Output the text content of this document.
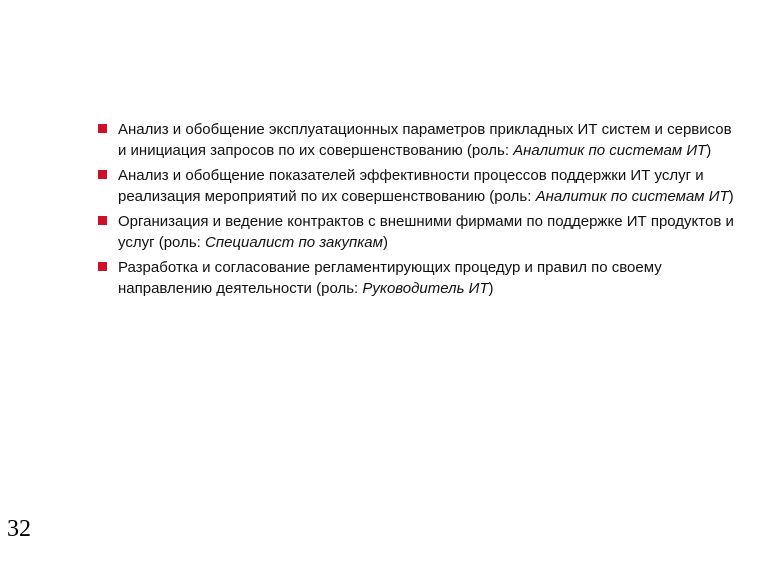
Анализ и обобщение эксплуатационных параметров прикладных ИТ систем и сервисов и инициация запросов по их совершенствованию (роль: Аналитик по системам ИТ)
Анализ и обобщение показателей эффективности процессов поддержки ИТ услуг и реализация мероприятий по их совершенствованию (роль: Аналитик по системам ИТ)
Организация и ведение контрактов с внешними фирмами по поддержке ИТ продуктов и услуг (роль: Специалист по закупкам)
Разработка и согласование регламентирующих процедур и правил по своему направлению деятельности (роль: Руководитель ИТ)
32
